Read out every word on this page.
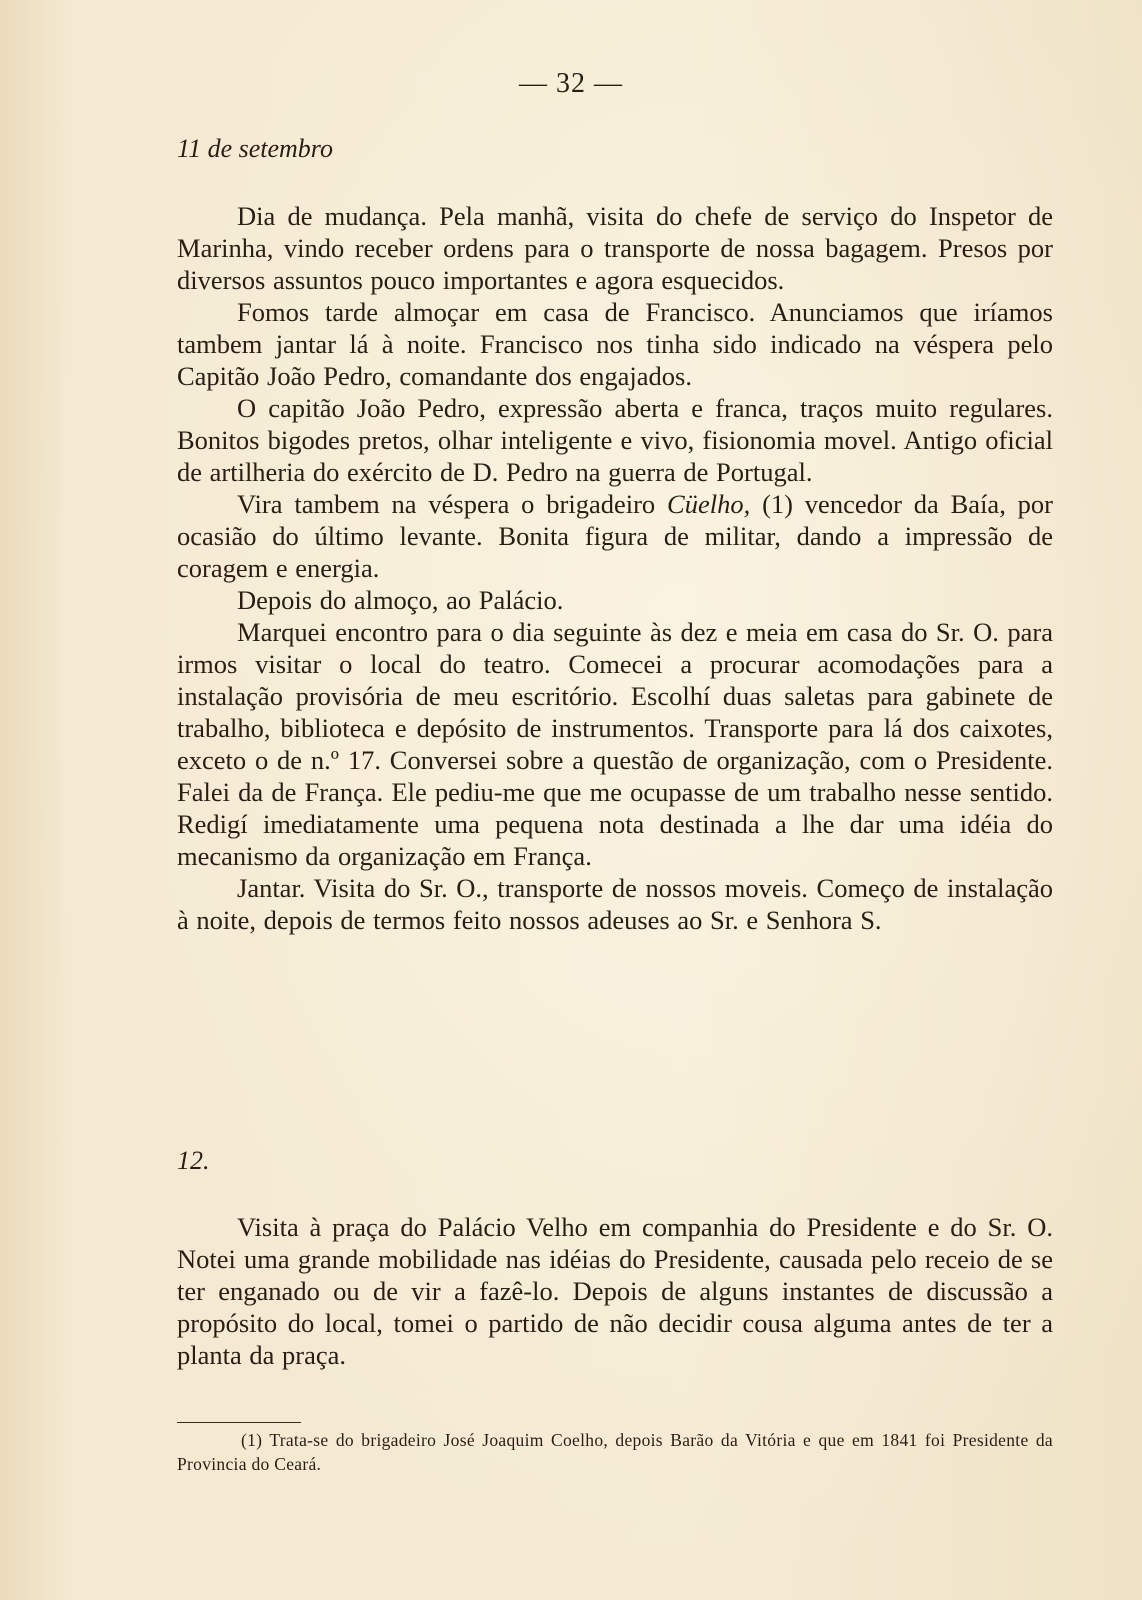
— 32 —
11 de setembro

Dia de mudança. Pela manhã, visita do chefe de serviço do Inspetor de Marinha, vindo receber ordens para o transporte de nossa bagagem. Presos por diversos assuntos pouco importantes e agora esquecidos.

Fomos tarde almoçar em casa de Francisco. Anunciamos que iríamos tambem jantar lá à noite. Francisco nos tinha sido indicado na véspera pelo Capitão João Pedro, comandante dos engajados.

O capitão João Pedro, expressão aberta e franca, traços muito regulares. Bonitos bigodes pretos, olhar inteligente e vivo, fisionomia movel. Antigo oficial de artilheria do exército de D. Pedro na guerra de Portugal.

Vira tambem na véspera o brigadeiro Cüelho, (1) vencedor da Baía, por ocasião do último levante. Bonita figura de militar, dando a impressão de coragem e energia.

Depois do almoço, ao Palácio.

Marquei encontro para o dia seguinte às dez e meia em casa do Sr. O. para irmos visitar o local do teatro. Comecei a procurar acomodações para a instalação provisória de meu escritório. Escolhí duas saletas para gabinete de trabalho, biblioteca e depósito de instrumentos. Transporte para lá dos caixotes, exceto o de n.º 17. Conversei sobre a questão de organização, com o Presidente. Falei da de França. Ele pediu-me que me ocupasse de um trabalho nesse sentido. Redigí imediatamente uma pequena nota destinada a lhe dar uma idéia do mecanismo da organização em França.

Jantar. Visita do Sr. O., transporte de nossos moveis. Começo de instalação à noite, depois de termos feito nossos adeuses ao Sr. e Senhora S.

12.

Visita à praça do Palácio Velho em companhia do Presidente e do Sr. O. Notei uma grande mobilidade nas idéias do Presidente, causada pelo receio de se ter enganado ou de vir a fazê-lo. Depois de alguns instantes de discussão a propósito do local, tomei o partido de não decidir cousa alguma antes de ter a planta da praça.

(1) Trata-se do brigadeiro José Joaquim Coelho, depois Barão da Vitória e que em 1841 foi Presidente da Provincia do Ceará.
